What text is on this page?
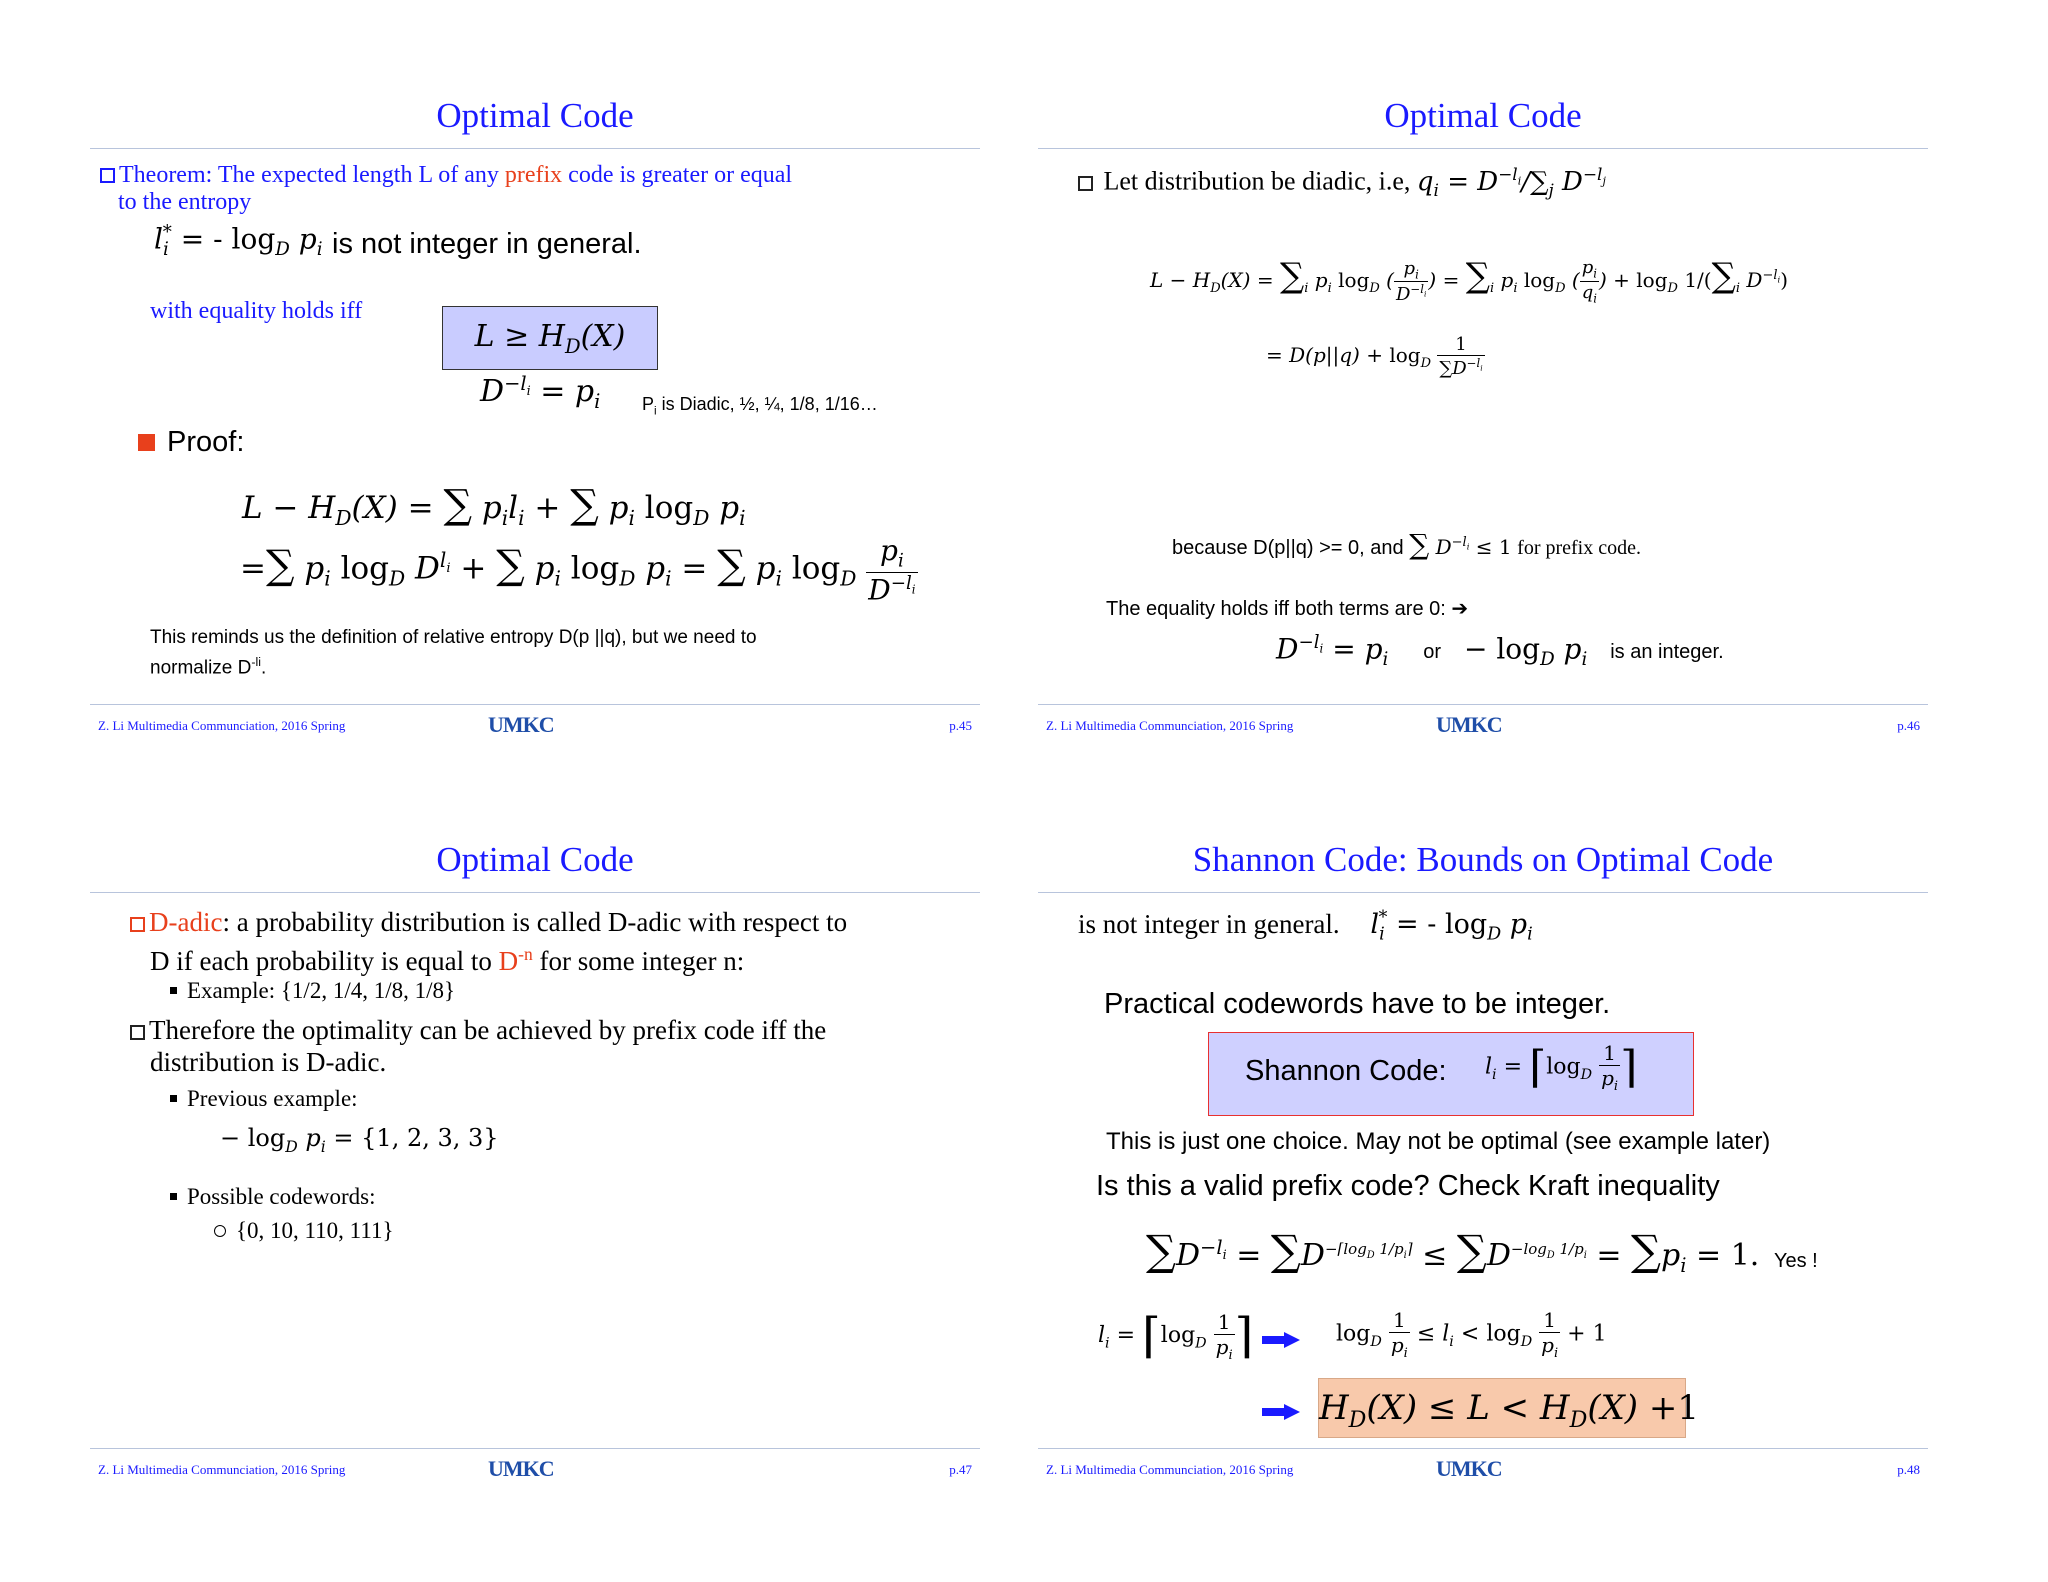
Optimal Code
Theorem: The expected length L of any prefix code is greater or equal
to the entropy
$l_i^*$ = - $\log_D p_i$ is not integer in general.
with equality holds iff
$L \ge H_D(X)$
$D^{-l_i} = p_i$ $P_i$ is Diadic, ½, ¼, 1/8, 1/16…
Proof:
$L - H_D(X)$ = ∑ $p_il_i$ + ∑ $p_i$ $\log_D p_i$
=∑ $p_i$ $\log_D D^{l_i}$ + ∑ $p_i$ $\log_D p_i$ = ∑ $p_i$ $\log_D \frac{p_i}{D^{-l_i}}$
This reminds us the definition of relative entropy D(p ||q), but we need to
normalize $D^{-li}$.
Z. Li Multimedia Communciation, 2016 Spring	UMKC	p.45
Optimal Code
Let distribution be diadic, i.e, $q_i = D^{-l_i}/\sum_j$ $D^{-l_j}$
$L - H_D(X) = \sum_i$ $p_i$ $\log_D$ ( $\frac{p_i}{D^{-l_i}}$ ) = $\sum_i$ $p_i$ $\log_D$ ( $\frac{p_i}{q_i}$ ) + $\log_D 1/(\sum_i$ $D^{-l_i}$)
= $D(p||q) + \log_D \frac{1}{\sum D^{-l_i}}$
because D(p||q) >= 0, and ∑ $D^{-l_i} \le 1$ for prefix code.
The equality holds iff both terms are 0: ➔
$D^{-l_i} = p_i$ or − $\log_D p_i$ is an integer.
Z. Li Multimedia Communciation, 2016 Spring	UMKC	p.46
Optimal Code
D-adic: a probability distribution is called D-adic with respect to
D if each probability is equal to $D^{-n}$ for some integer n:
Example: {1/2, 1/4, 1/8, 1/8}
Therefore the optimality can be achieved by prefix code iff the
distribution is D-adic.
Previous example:
− $\log_D p_i = \{1$, 2, 3, 3}
Possible codewords:
{0, 10, 110, 111}
Z. Li Multimedia Communciation, 2016 Spring	UMKC	p.47
Shannon Code: Bounds on Optimal Code
is not integer in general. $l_i^*$ = - $\log_D p_i$
Practical codewords have to be integer.
Shannon Code: $l_i$ = $⌈\log_D \frac{1}{p_i}$ ⌉
This is just one choice. May not be optimal (see example later)
Is this a valid prefix code? Check Kraft inequality
$\sum D^{-l_i} = \sum D^{-⌈log_D 1/p_i⌉} \le \sum D^{-log_D 1/p_i} = \sum p_i = 1$. Yes !
$l_i$ = $⌈\log_D \frac{1}{p_i}$ ⌉	$\log_D \frac{1}{p_i} \le l_i < \log_D \frac{1}{p_i} + 1$
$H_D(X) \le L < H_D(X) +1$
Z. Li Multimedia Communciation, 2016 Spring	UMKC	p.48
